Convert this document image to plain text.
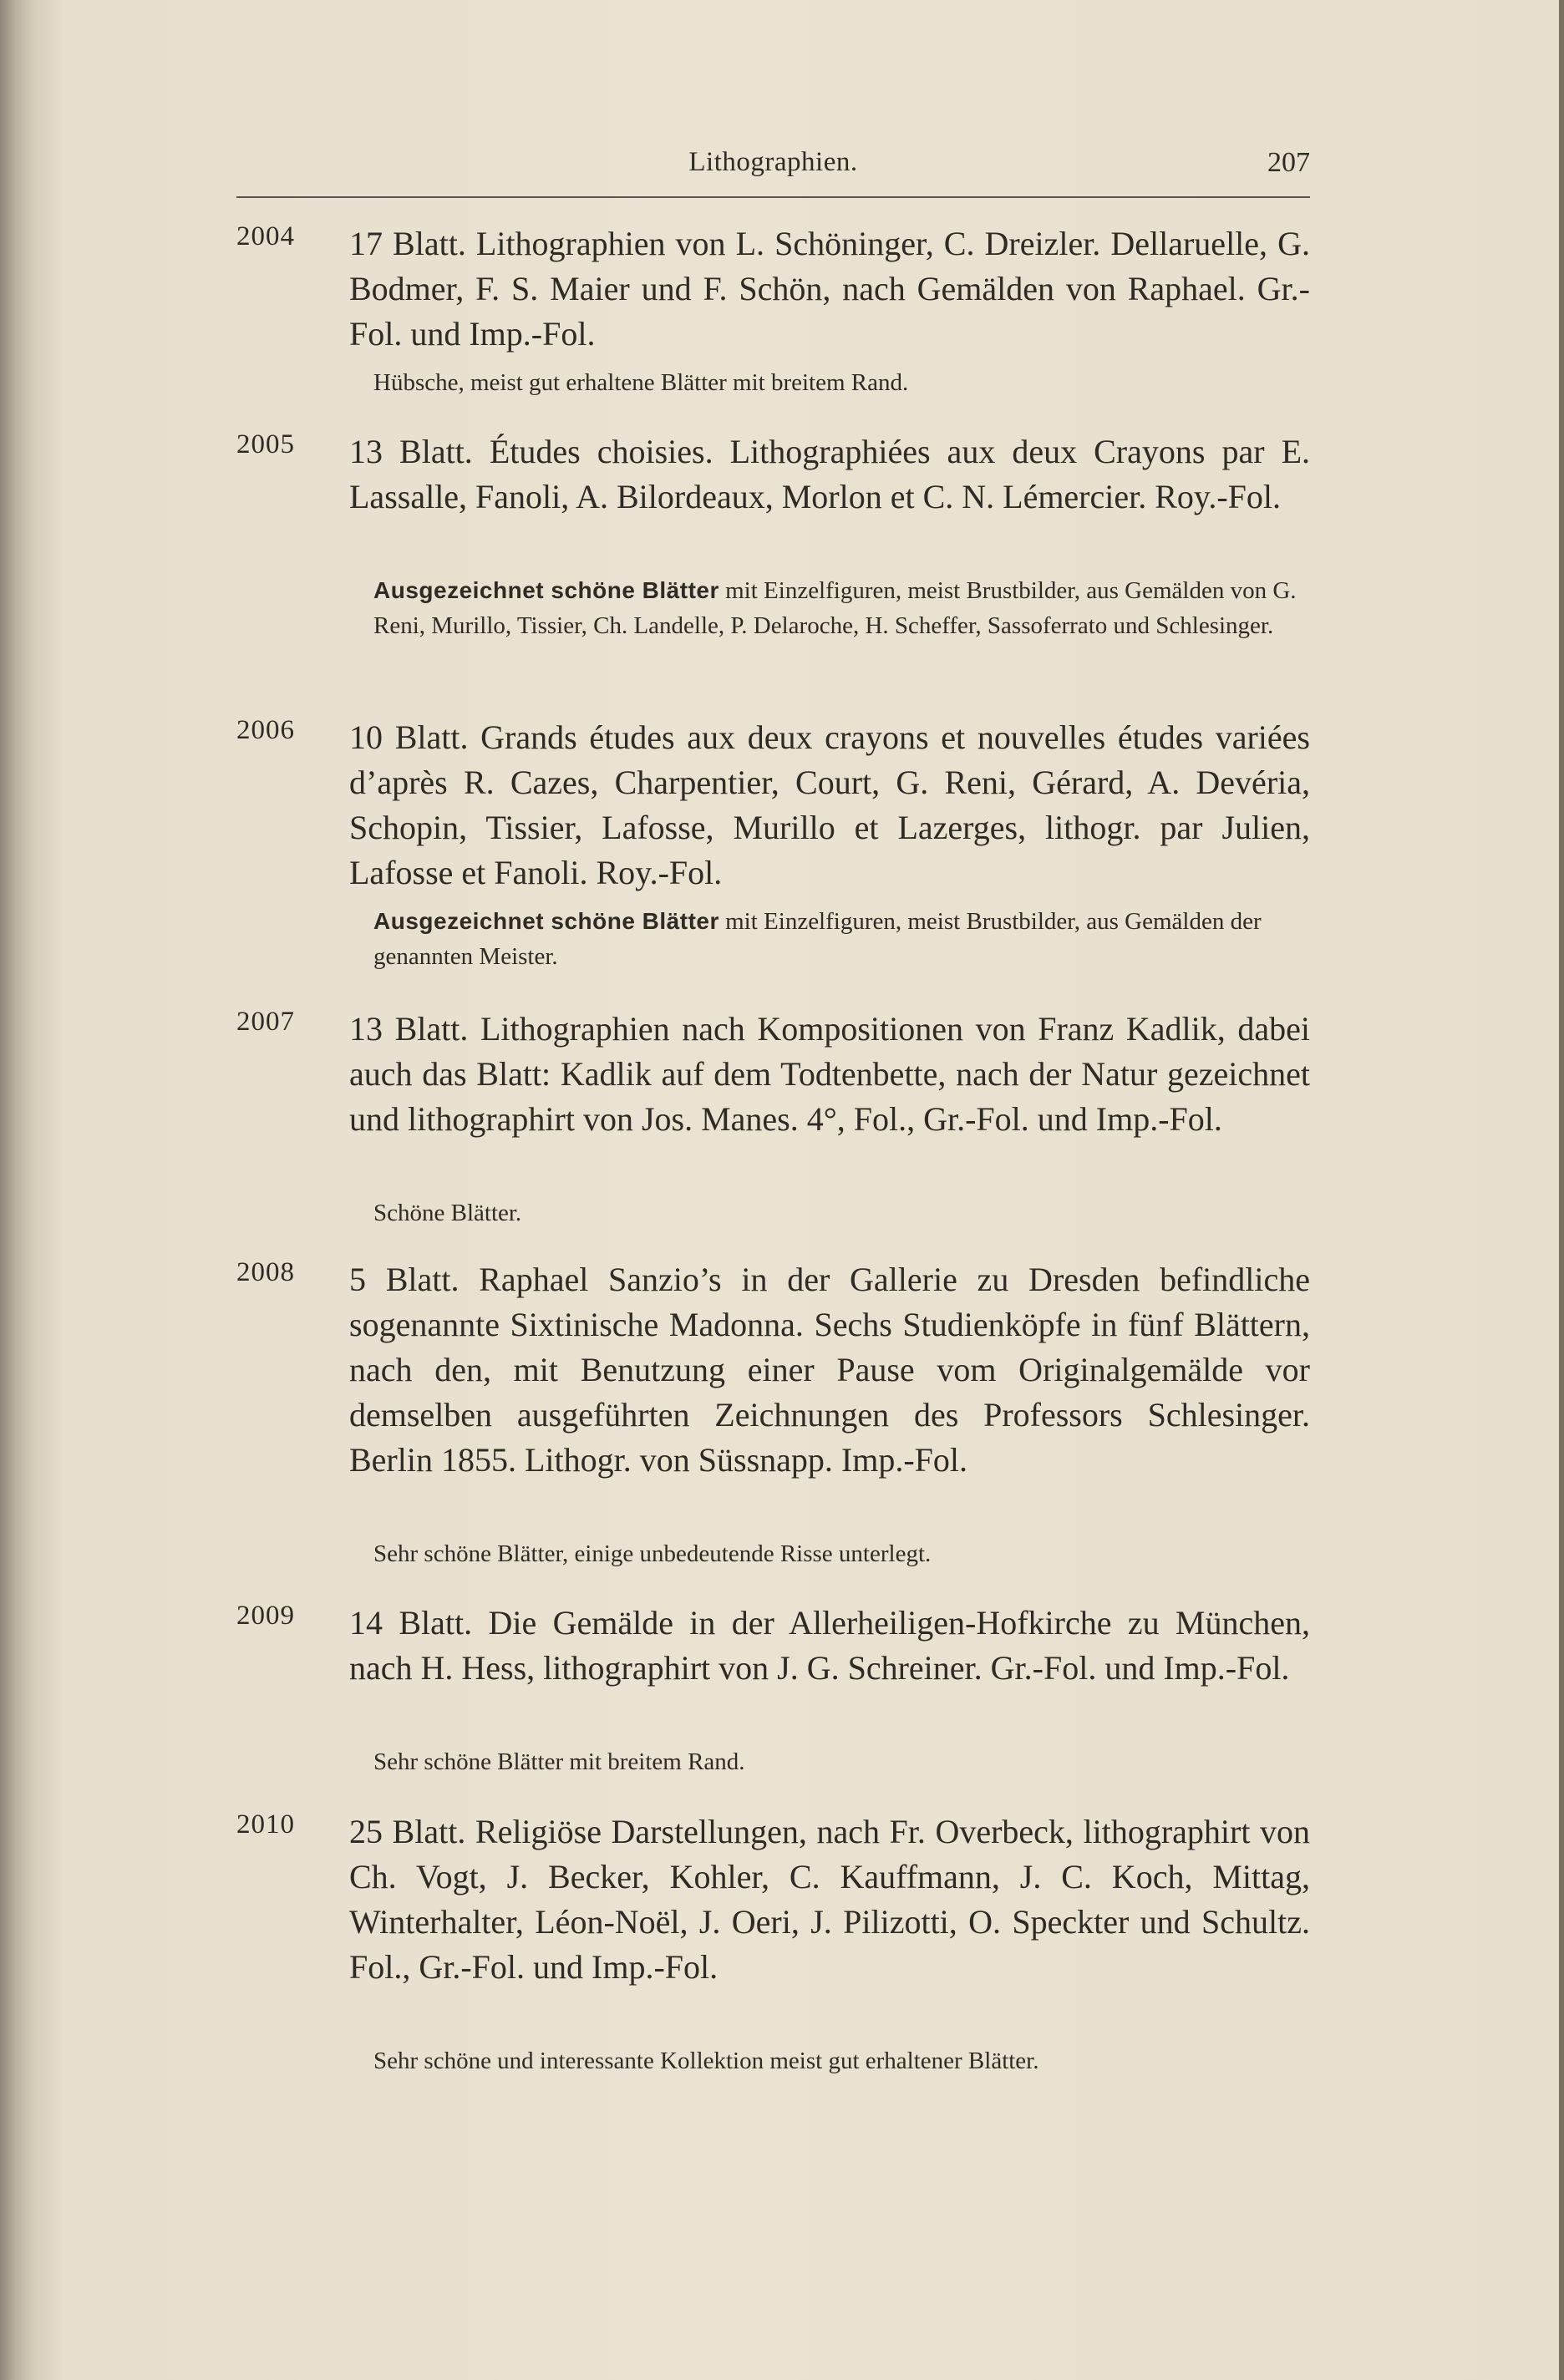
Lithographien.	207
2004 17 Blatt. Lithographien von L. Schöninger, C. Dreizler. Dellaruelle, G. Bodmer, F. S. Maier und F. Schön, nach Gemälden von Raphael. Gr.-Fol. und Imp.-Fol.
Hübsche, meist gut erhaltene Blätter mit breitem Rand.
2005 13 Blatt. Études choisies. Lithographiées aux deux Crayons par E. Lassalle, Fanoli, A. Bilordeaux, Morlon et C. N. Lémercier. Roy.-Fol.
Ausgezeichnet schöne Blätter mit Einzelfiguren, meist Brustbilder, aus Gemälden von G. Reni, Murillo, Tissier, Ch. Landelle, P. Delaroche, H. Scheffer, Sassoferrato und Schlesinger.
2006 10 Blatt. Grands études aux deux crayons et nouvelles études variées d’après R. Cazes, Charpentier, Court, G. Reni, Gérard, A. Devéria, Schopin, Tissier, Lafosse, Murillo et Lazerges, lithogr. par Julien, Lafosse et Fanoli. Roy.-Fol.
Ausgezeichnet schöne Blätter mit Einzelfiguren, meist Brustbilder, aus Gemälden der genannten Meister.
2007 13 Blatt. Lithographien nach Kompositionen von Franz Kadlik, dabei auch das Blatt: Kadlik auf dem Todtenbette, nach der Natur gezeichnet und lithographirt von Jos. Manes. 4°, Fol., Gr.-Fol. und Imp.-Fol.
Schöne Blätter.
2008 5 Blatt. Raphael Sanzio’s in der Gallerie zu Dresden befindliche sogenannte Sixtinische Madonna. Sechs Studienköpfe in fünf Blättern, nach den, mit Benutzung einer Pause vom Originalgemälde vor demselben ausgeführten Zeichnungen des Professors Schlesinger. Berlin 1855. Lithogr. von Süssnapp. Imp.-Fol.
Sehr schöne Blätter, einige unbedeutende Risse unterlegt.
2009 14 Blatt. Die Gemälde in der Allerheiligen-Hofkirche zu München, nach H. Hess, lithographirt von J. G. Schreiner. Gr.-Fol. und Imp.-Fol.
Sehr schöne Blätter mit breitem Rand.
2010 25 Blatt. Religiöse Darstellungen, nach Fr. Overbeck, lithographirt von Ch. Vogt, J. Becker, Kohler, C. Kauffmann, J. C. Koch, Mittag, Winterhalter, Léon-Noël, J. Oeri, J. Pilizotti, O. Speckter und Schultz. Fol., Gr.-Fol. und Imp.-Fol.
Sehr schöne und interessante Kollektion meist gut erhaltener Blätter.
